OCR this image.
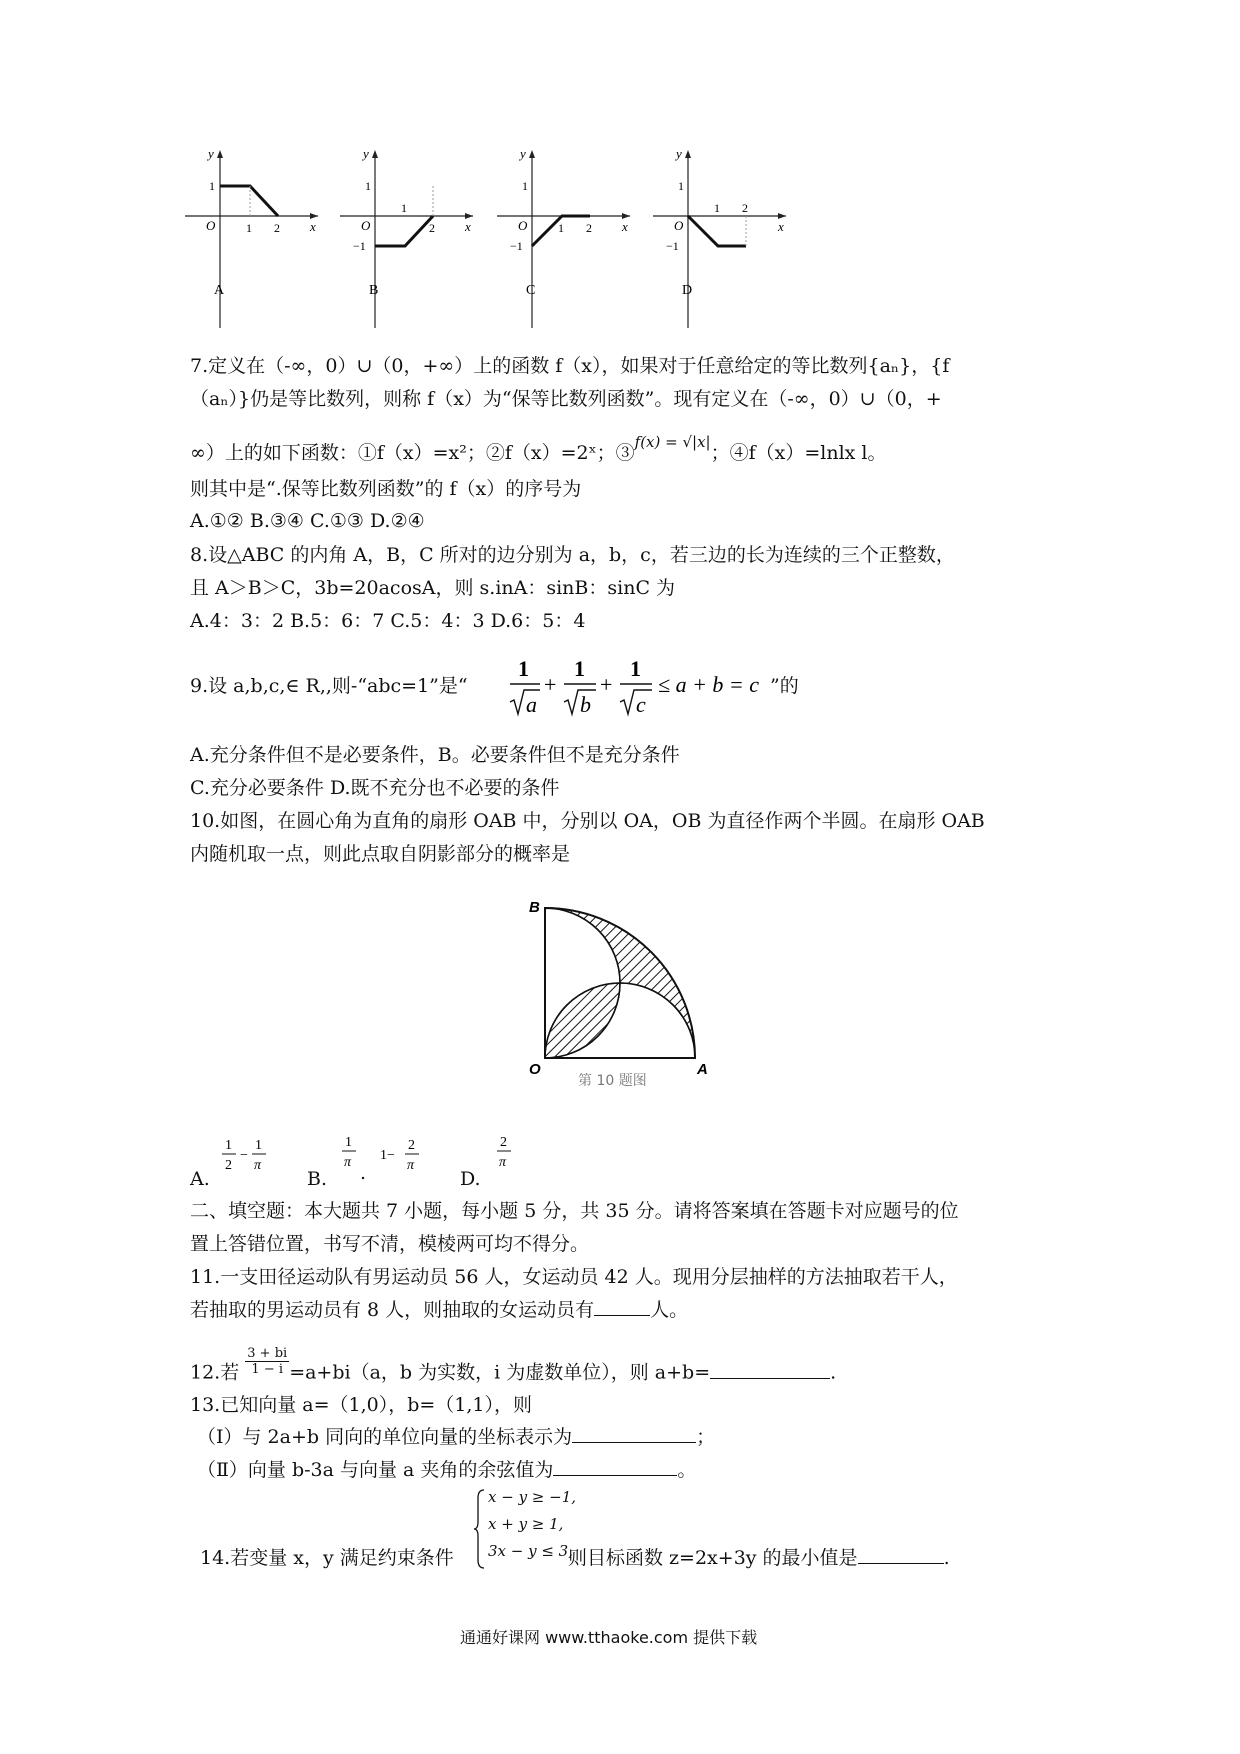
y
x
O
1
1 2
A
y
x
O
1
−1
1
2
B
y
x
O
1
−1
1 2
C
y
x
O
1
−1
1 2
D
7.定义在（-∞，0）∪（0，+∞）上的函数 f（x），如果对于任意给定的等比数列{aₙ}，{f
（aₙ）}仍是等比数列，则称 f（x）为“保等比数列函数”。现有定义在（-∞，0）∪（0，+
∞）上的如下函数：①f（x）=x²；②f（x）=2ˣ；③$^{f(x) = √|x|}$；④f（x）=lnlx l。
则其中是“.保等比数列函数”的 f（x）的序号为
A.①② B.③④ C.①③ D.②④
8.设△ABC 的内角 A，B，C 所对的边分别为 a，b，c，若三边的长为连续的三个正整数，
且 A＞B＞C，3b=20acosA，则 s.inA：sinB：sinC 为
A.4：3：2 B.5：6：7 C.5：4：3 D.6：5：4
9.设 a,b,c,∈ R,,则-“abc=1”是“
1
a
+
1
b
+
1
c
≤ a + b = c ”的
A.充分条件但不是必要条件，B。必要条件但不是充分条件
C.充分必要条件 D.既不充分也不必要的条件
10.如图，在圆心角为直角的扇形 OAB 中，分别以 OA，OB 为直径作两个半圆。在扇形 OAB
内随机取一点，则此点取自阴影部分的概率是
B
O	A
第 10 题图
A.
1
2
−
1
π
B.
1
π .
1−
2
π
D.
2
π
二、填空题：本大题共 7 小题，每小题 5 分，共 35 分。请将答案填在答题卡对应题号的位
置上答错位置，书写不清，模棱两可均不得分。
11.一支田径运动队有男运动员 56 人，女运动员 42 人。现用分层抽样的方法抽取若干人，
若抽取的男运动员有 8 人，则抽取的女运动员有	人。
12.若 $\frac{3 + bi}{1 - i} =a+bi(a$，b 为实数，i 为虚数单位），则 a+b=	.
13.已知向量 a=（1,0），b=（1,1），则
（Ⅰ）与 2a+b 同向的单位向量的坐标表示为	；
（Ⅱ）向量 b-3a 与向量 a 夹角的余弦值为	。
x − y ≥ −1,
x + y ≥ 1,
3x − y ≤ 3,
14.若变量 x，y 满足约束条件	则目标函数 z=2x+3y 的最小值是	.
通通好课网 www.tthaoke.com 提供下载
